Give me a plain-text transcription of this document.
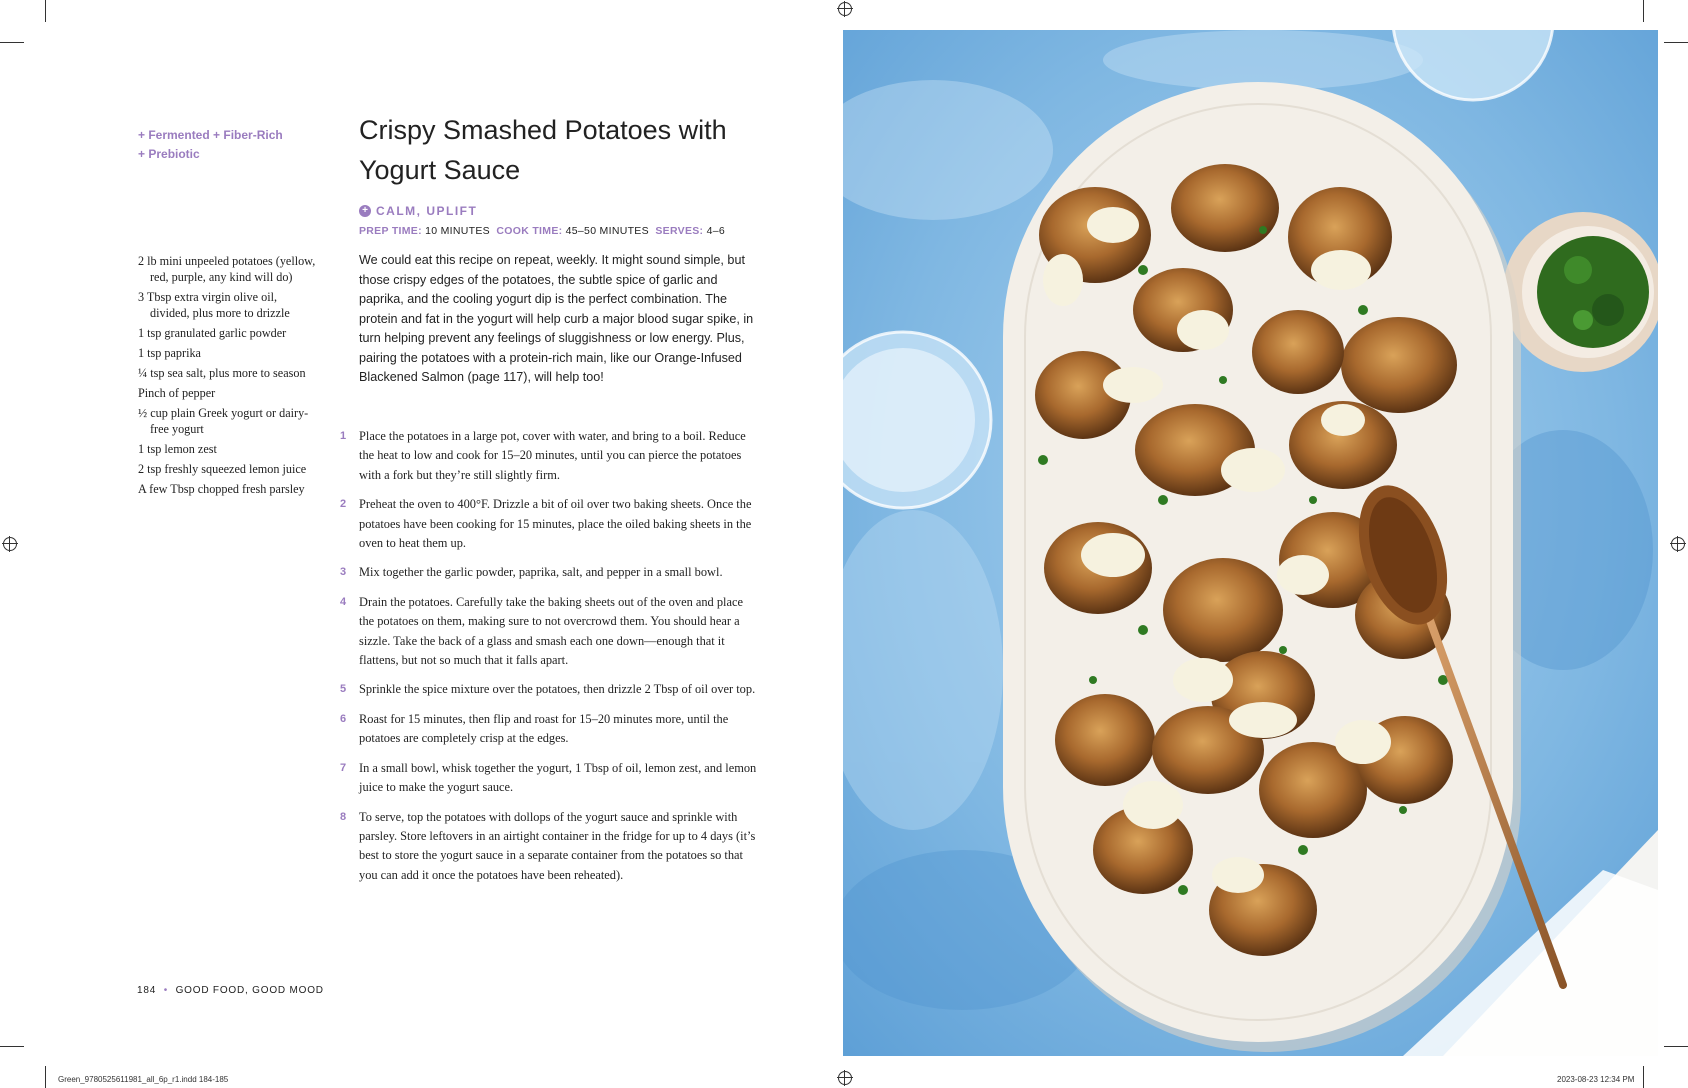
+ Fermented + Fiber-Rich
+ Prebiotic
2 lb mini unpeeled potatoes (yellow, red, purple, any kind will do)
3 Tbsp extra virgin olive oil, divided, plus more to drizzle
1 tsp granulated garlic powder
1 tsp paprika
¼ tsp sea salt, plus more to season
Pinch of pepper
½ cup plain Greek yogurt or dairy-free yogurt
1 tsp lemon zest
2 tsp freshly squeezed lemon juice
A few Tbsp chopped fresh parsley
Crispy Smashed Potatoes with Yogurt Sauce
+ CALM, UPLIFT
PREP TIME: 10 MINUTES COOK TIME: 45–50 MINUTES SERVES: 4–6

We could eat this recipe on repeat, weekly. It might sound simple, but those crispy edges of the potatoes, the subtle spice of garlic and paprika, and the cooling yogurt dip is the perfect combination. The protein and fat in the yogurt will help curb a major blood sugar spike, in turn helping prevent any feelings of sluggishness or low energy. Plus, pairing the potatoes with a protein-rich main, like our Orange-Infused Blackened Salmon (page 117), will help too!

1	Place the potatoes in a large pot, cover with water, and bring to a boil. Reduce the heat to low and cook for 15–20 minutes, until you can pierce the potatoes with a fork but they’re still slightly firm.
2	Preheat the oven to 400°F. Drizzle a bit of oil over two baking sheets. Once the potatoes have been cooking for 15 minutes, place the oiled baking sheets in the oven to heat them up.
3	Mix together the garlic powder, paprika, salt, and pepper in a small bowl.
4	Drain the potatoes. Carefully take the baking sheets out of the oven and place the potatoes on them, making sure to not overcrowd them. You should hear a sizzle. Take the back of a glass and smash each one down—enough that it flattens, but not so much that it falls apart.
5	Sprinkle the spice mixture over the potatoes, then drizzle 2 Tbsp of oil over top.
6	Roast for 15 minutes, then flip and roast for 15–20 minutes more, until the potatoes are completely crisp at the edges.
7	In a small bowl, whisk together the yogurt, 1 Tbsp of oil, lemon zest, and lemon juice to make the yogurt sauce.
8	To serve, top the potatoes with dollops of the yogurt sauce and sprinkle with parsley. Store leftovers in an airtight container in the fridge for up to 4 days (it’s best to store the yogurt sauce in a separate container from the potatoes so that you can add it once the potatoes have been reheated).
184 • GOOD FOOD, GOOD MOOD
Green_9780525611981_all_6p_r1.indd 184-185	2023-08-23 12:34 PM
